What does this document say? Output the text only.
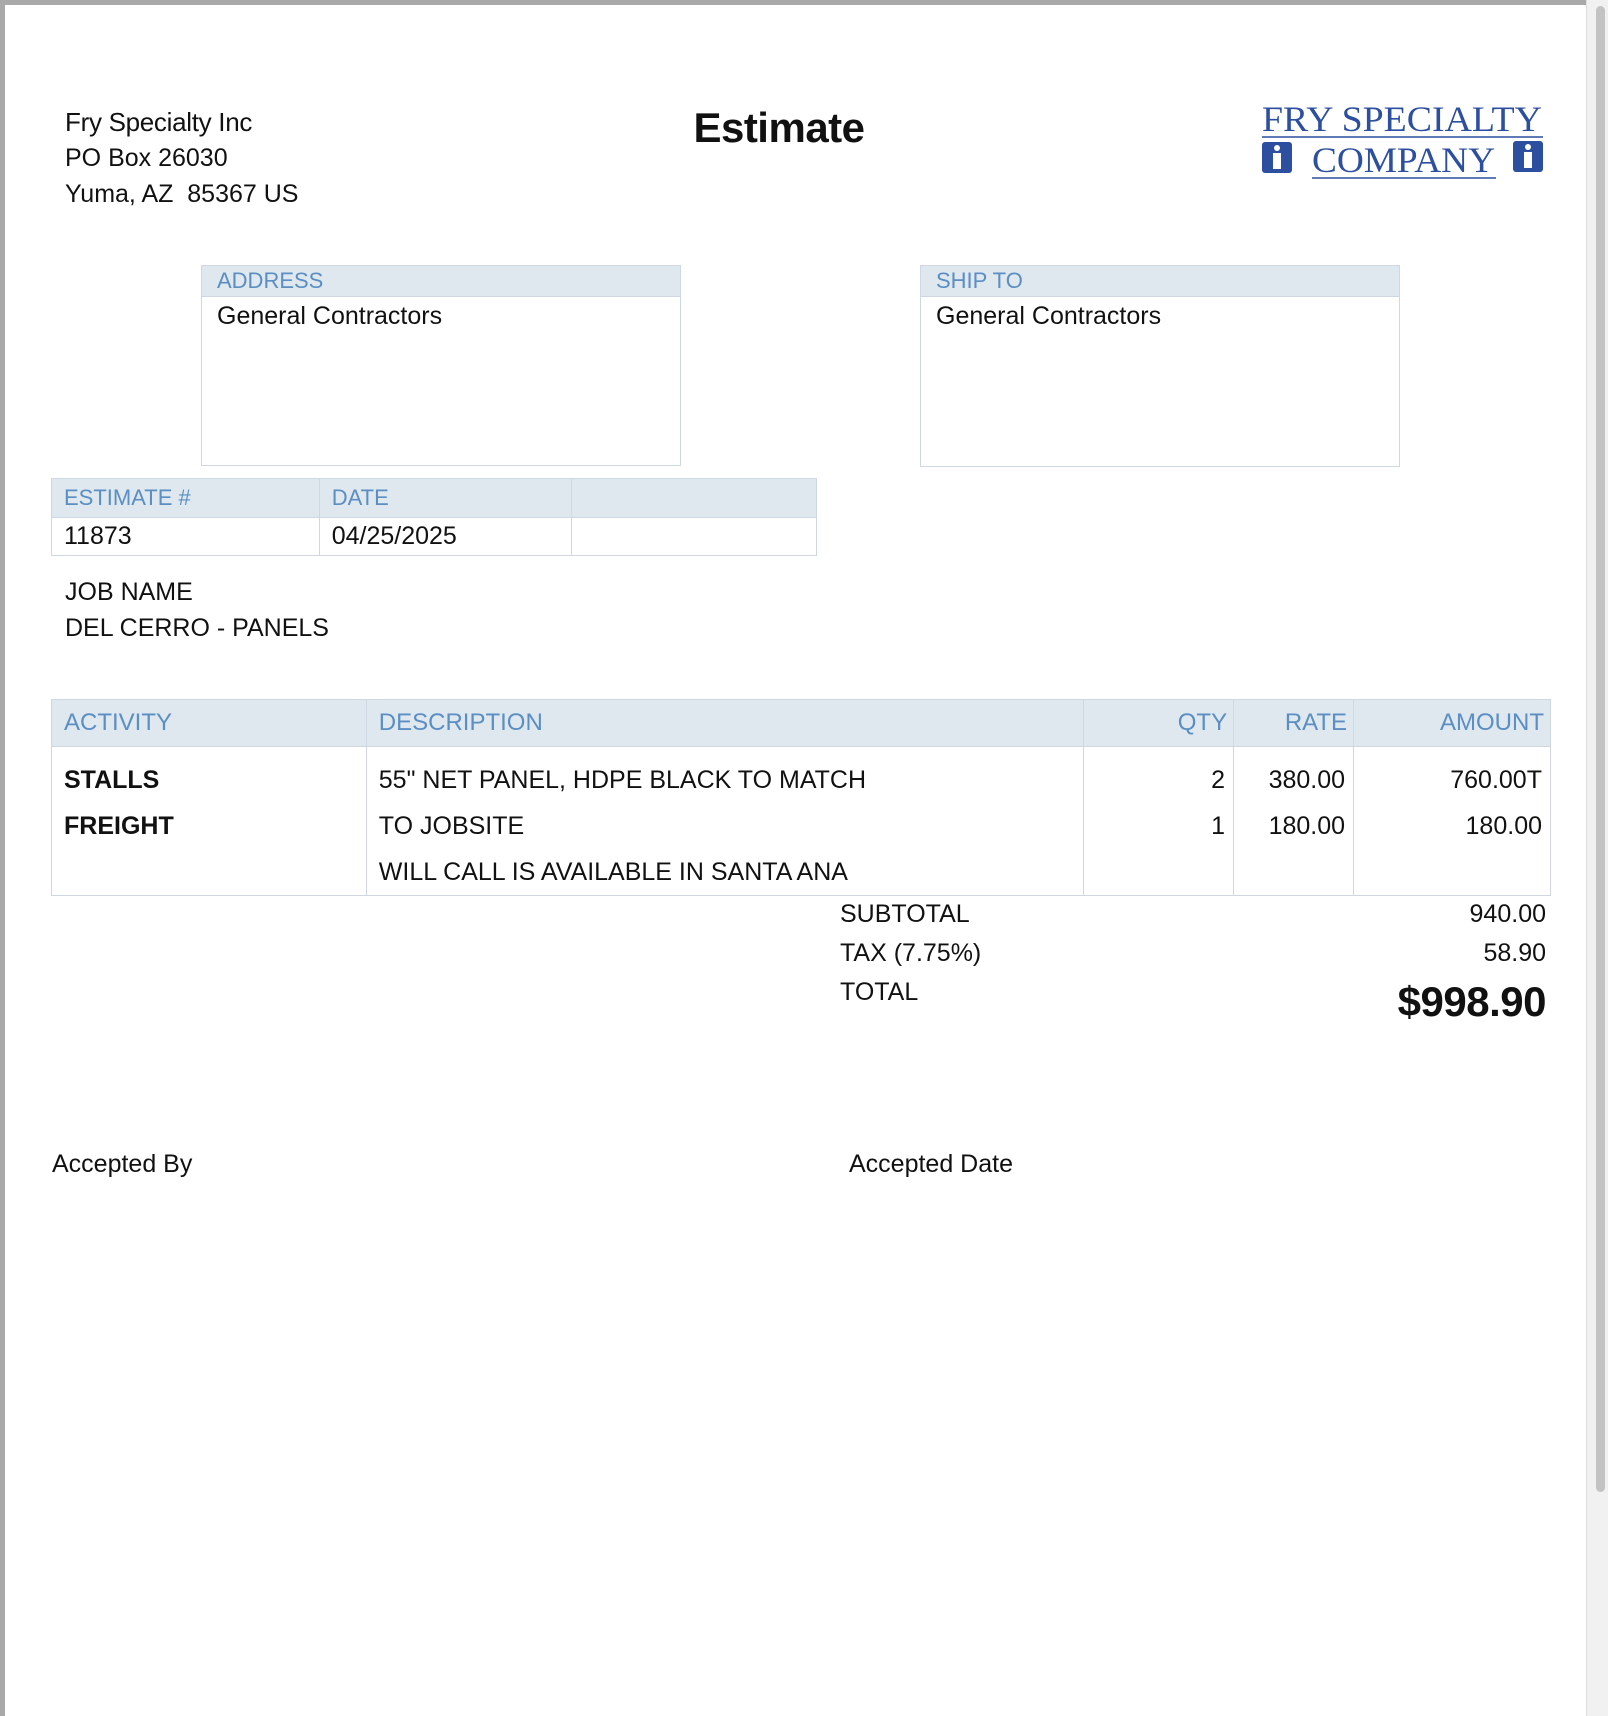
Fry Specialty Inc
PO Box 26030
Yuma, AZ  85367 US
Estimate	FRY SPECIALTY
COMPANY
ADDRESS
General Contractors
SHIP TO
General Contractors
ESTIMATE #	DATE	
11873	04/25/2025	
JOB NAME
DEL CERRO - PANELS
ACTIVITY	DESCRIPTION	QTY	RATE	AMOUNT
STALLS	55" NET PANEL, HDPE BLACK TO MATCH	2	380.00	760.00T
FREIGHT	TO JOBSITE	1	180.00	180.00
	WILL CALL IS AVAILABLE IN SANTA ANA			
SUBTOTAL	940.00
TAX (7.75%)	58.90
TOTAL	$998.90
Accepted By	Accepted Date
